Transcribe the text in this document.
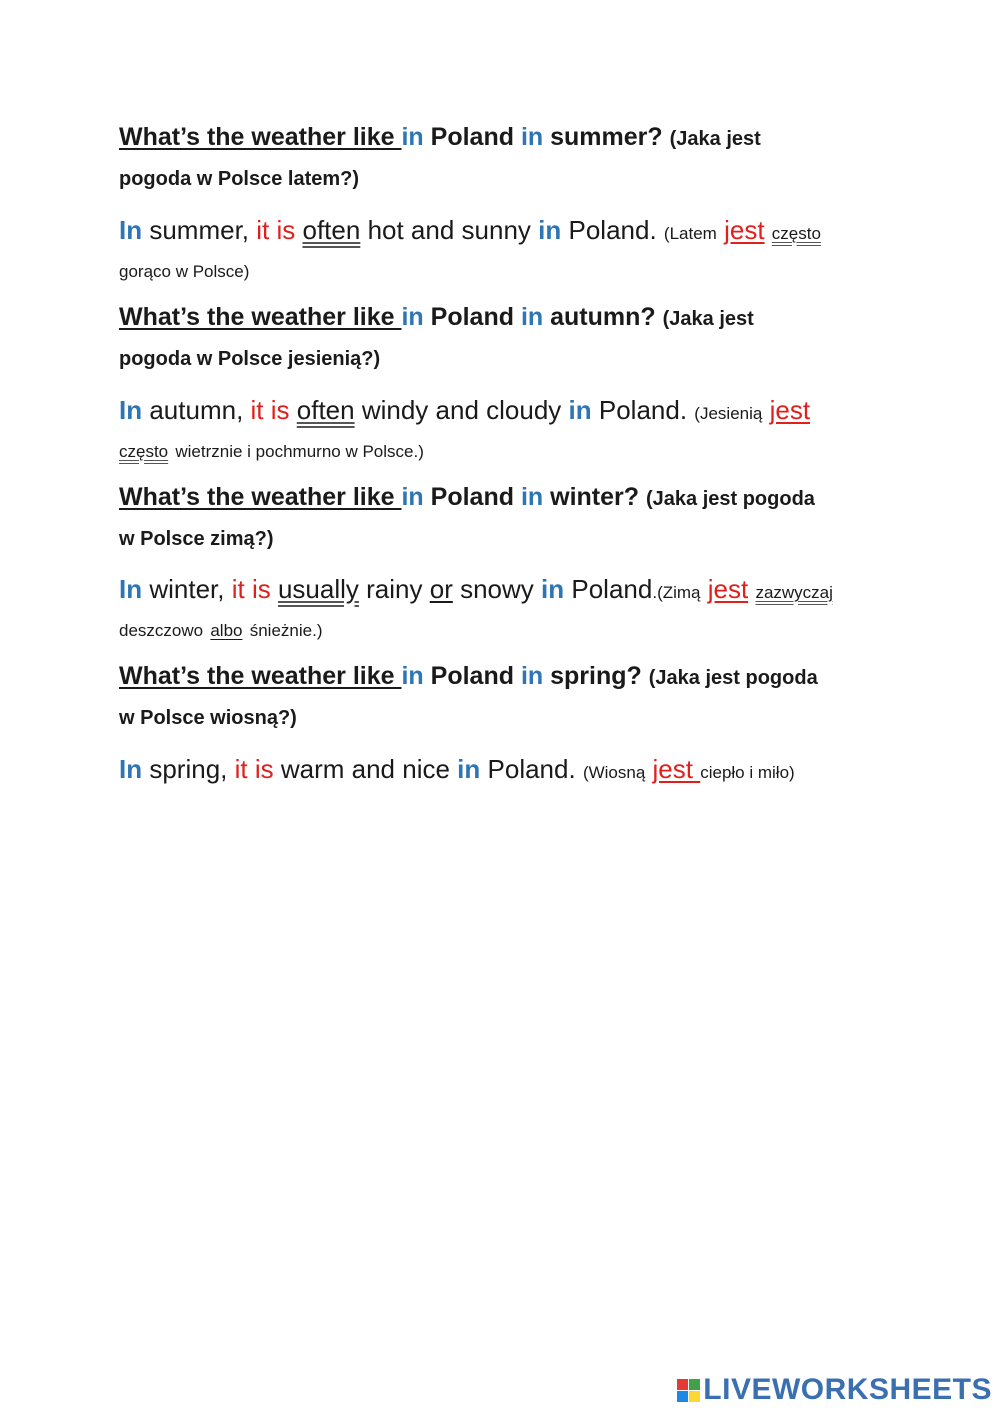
What’s the weather like in Poland in summer? (Jaka jest
pogoda w Polsce latem?)
In summer, it is often hot and sunny in Poland. (Latem jest często
gorąco w Polsce)
What’s the weather like in Poland in autumn? (Jaka jest
pogoda w Polsce jesienią?)
In autumn, it is often windy and cloudy in Poland. (Jesienią jest
często wietrznie i pochmurno w Polsce.)
What’s the weather like in Poland in winter? (Jaka jest pogoda
w Polsce zimą?)
In winter, it is usually rainy or snowy in Poland.(Zimą jest zazwyczaj
deszczowo albo śnieżnie.)
What’s the weather like in Poland in spring? (Jaka jest pogoda
w Polsce wiosną?)
In spring, it is warm and nice in Poland. (Wiosną jest ciepło i miło)
LIVEWORKSHEETS
